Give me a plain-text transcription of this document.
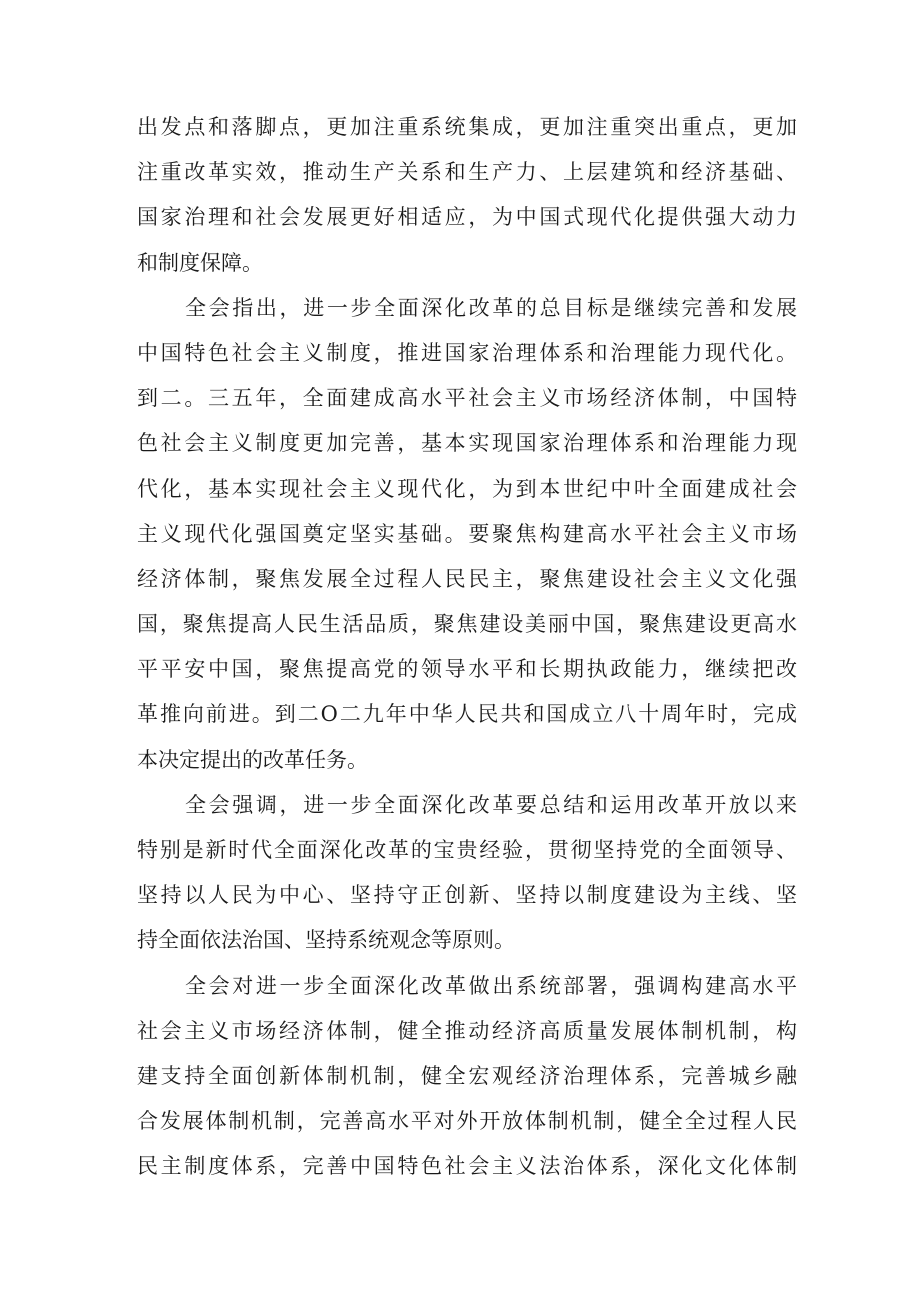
出发点和落脚点，更加注重系统集成，更加注重突出重点，更加
注重改革实效，推动生产关系和生产力、上层建筑和经济基础、
国家治理和社会发展更好相适应，为中国式现代化提供强大动力
和制度保障。
全会指出，进一步全面深化改革的总目标是继续完善和发展
中国特色社会主义制度，推进国家治理体系和治理能力现代化。
到二。三五年，全面建成高水平社会主义市场经济体制，中国特
色社会主义制度更加完善，基本实现国家治理体系和治理能力现
代化，基本实现社会主义现代化，为到本世纪中叶全面建成社会
主义现代化强国奠定坚实基础。要聚焦构建高水平社会主义市场
经济体制，聚焦发展全过程人民民主，聚焦建设社会主义文化强
国，聚焦提高人民生活品质，聚焦建设美丽中国，聚焦建设更高水
平平安中国，聚焦提高党的领导水平和长期执政能力，继续把改
革推向前进。到二O二九年中华人民共和国成立八十周年时，完成
本决定提出的改革任务。
全会强调，进一步全面深化改革要总结和运用改革开放以来
特别是新时代全面深化改革的宝贵经验，贯彻坚持党的全面领导、
坚持以人民为中心、坚持守正创新、坚持以制度建设为主线、坚
持全面依法治国、坚持系统观念等原则。
全会对进一步全面深化改革做出系统部署，强调构建高水平
社会主义市场经济体制，健全推动经济高质量发展体制机制，构
建支持全面创新体制机制，健全宏观经济治理体系，完善城乡融
合发展体制机制，完善高水平对外开放体制机制，健全全过程人民
民主制度体系，完善中国特色社会主义法治体系，深化文化体制
